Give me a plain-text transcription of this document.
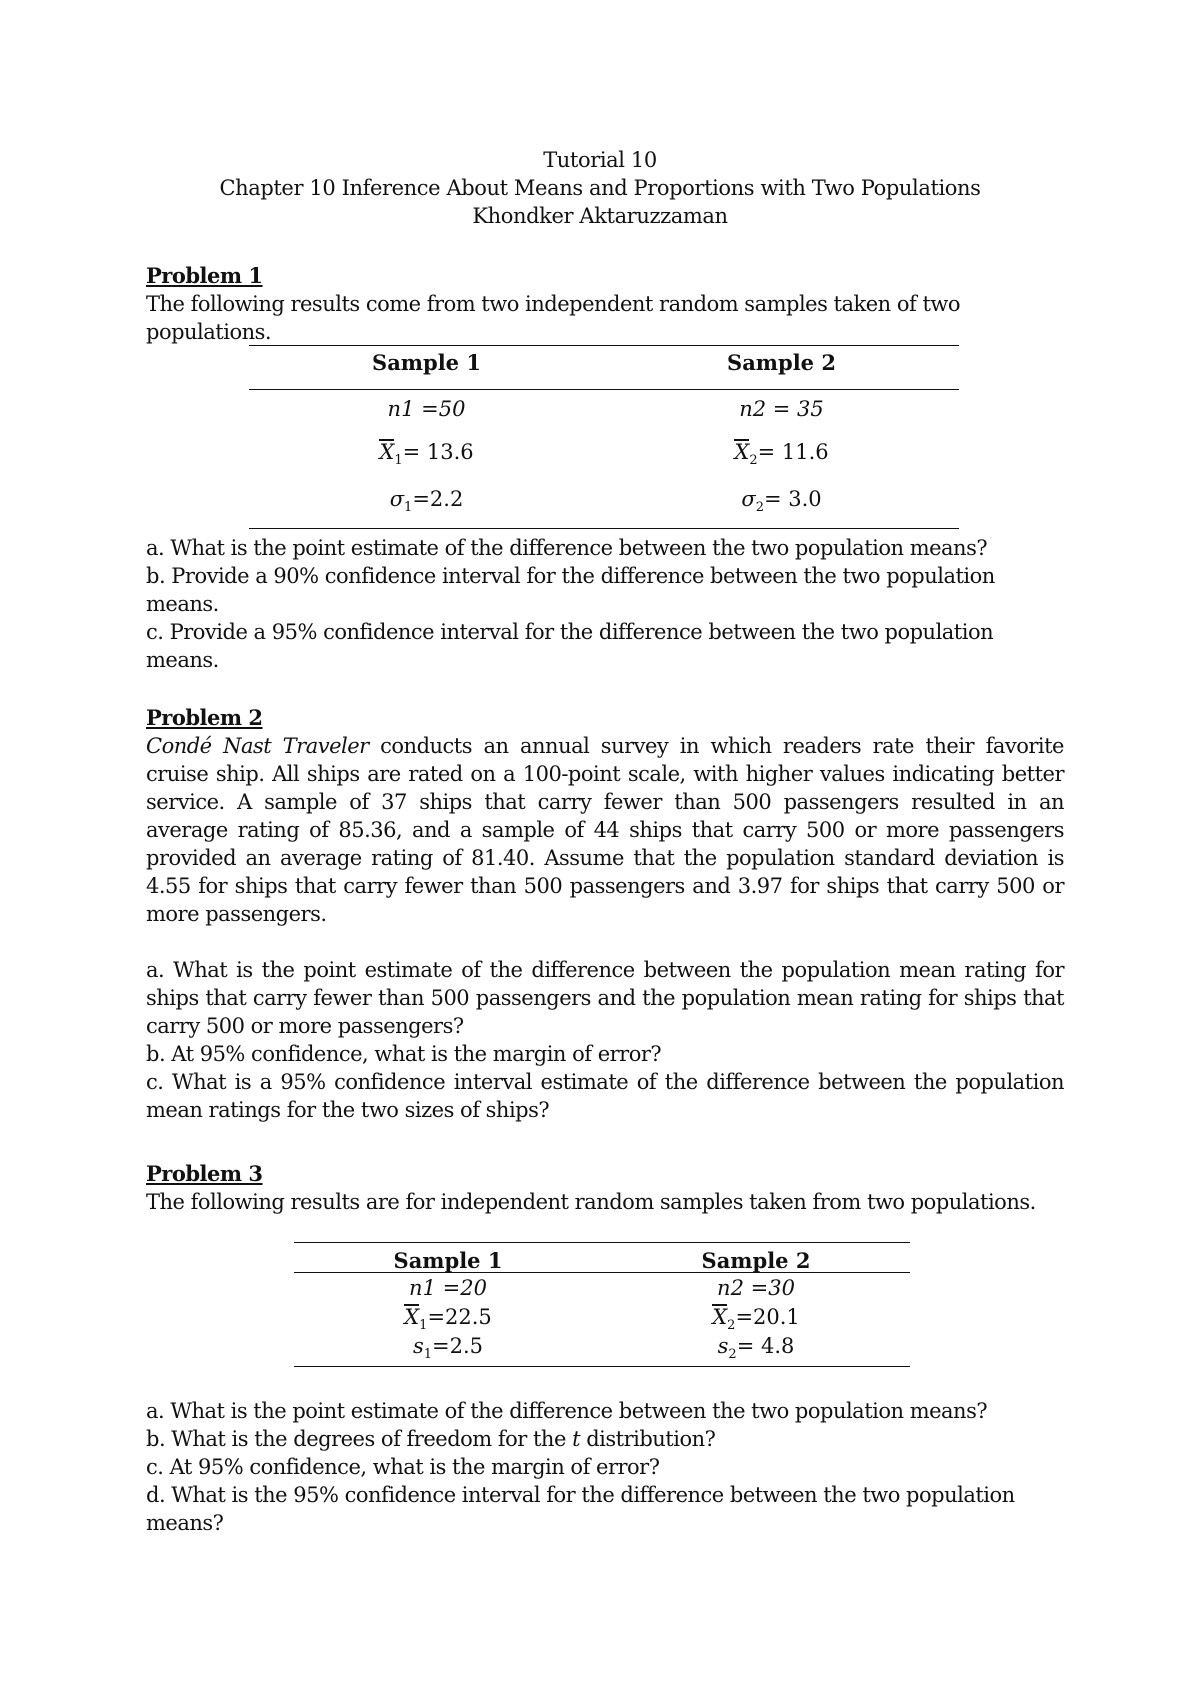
Tutorial 10
Chapter 10 Inference About Means and Proportions with Two Populations
Khondker Aktaruzzaman

Problem 1

The following results come from two independent random samples taken of two populations.

Sample 1	Sample 2
n1 =50	n2 = 35
$X_1= 13.6$	$X_2= 11.6$
$\sigma_1=2.2$	$\sigma_2= 3.0$

a. What is the point estimate of the difference between the two population means?

b. Provide a 90% confidence interval for the difference between the two population means.

c. Provide a 95% confidence interval for the difference between the two population means.

Problem 2

Condé Nast Traveler conducts an annual survey in which readers rate their favorite cruise ship. All ships are rated on a 100-point scale, with higher values indicating better service. A sample of 37 ships that carry fewer than 500 passengers resulted in an average rating of 85.36, and a sample of 44 ships that carry 500 or more passengers provided an average rating of 81.40. Assume that the population standard deviation is 4.55 for ships that carry fewer than 500 passengers and 3.97 for ships that carry 500 or more passengers.

a. What is the point estimate of the difference between the population mean rating for ships that carry fewer than 500 passengers and the population mean rating for ships that carry 500 or more passengers?

b. At 95% confidence, what is the margin of error?

c. What is a 95% confidence interval estimate of the difference between the population mean ratings for the two sizes of ships?

Problem 3

The following results are for independent random samples taken from two populations.

Sample 1	Sample 2
n1 =20	n2 =30
$X_1=22.5$	$X_2=20.1$
$s_1=2.5$	$s_2= 4.8$

a. What is the point estimate of the difference between the two population means?

b. What is the degrees of freedom for the t distribution?

c. At 95% confidence, what is the margin of error?

d. What is the 95% confidence interval for the difference between the two population means?
